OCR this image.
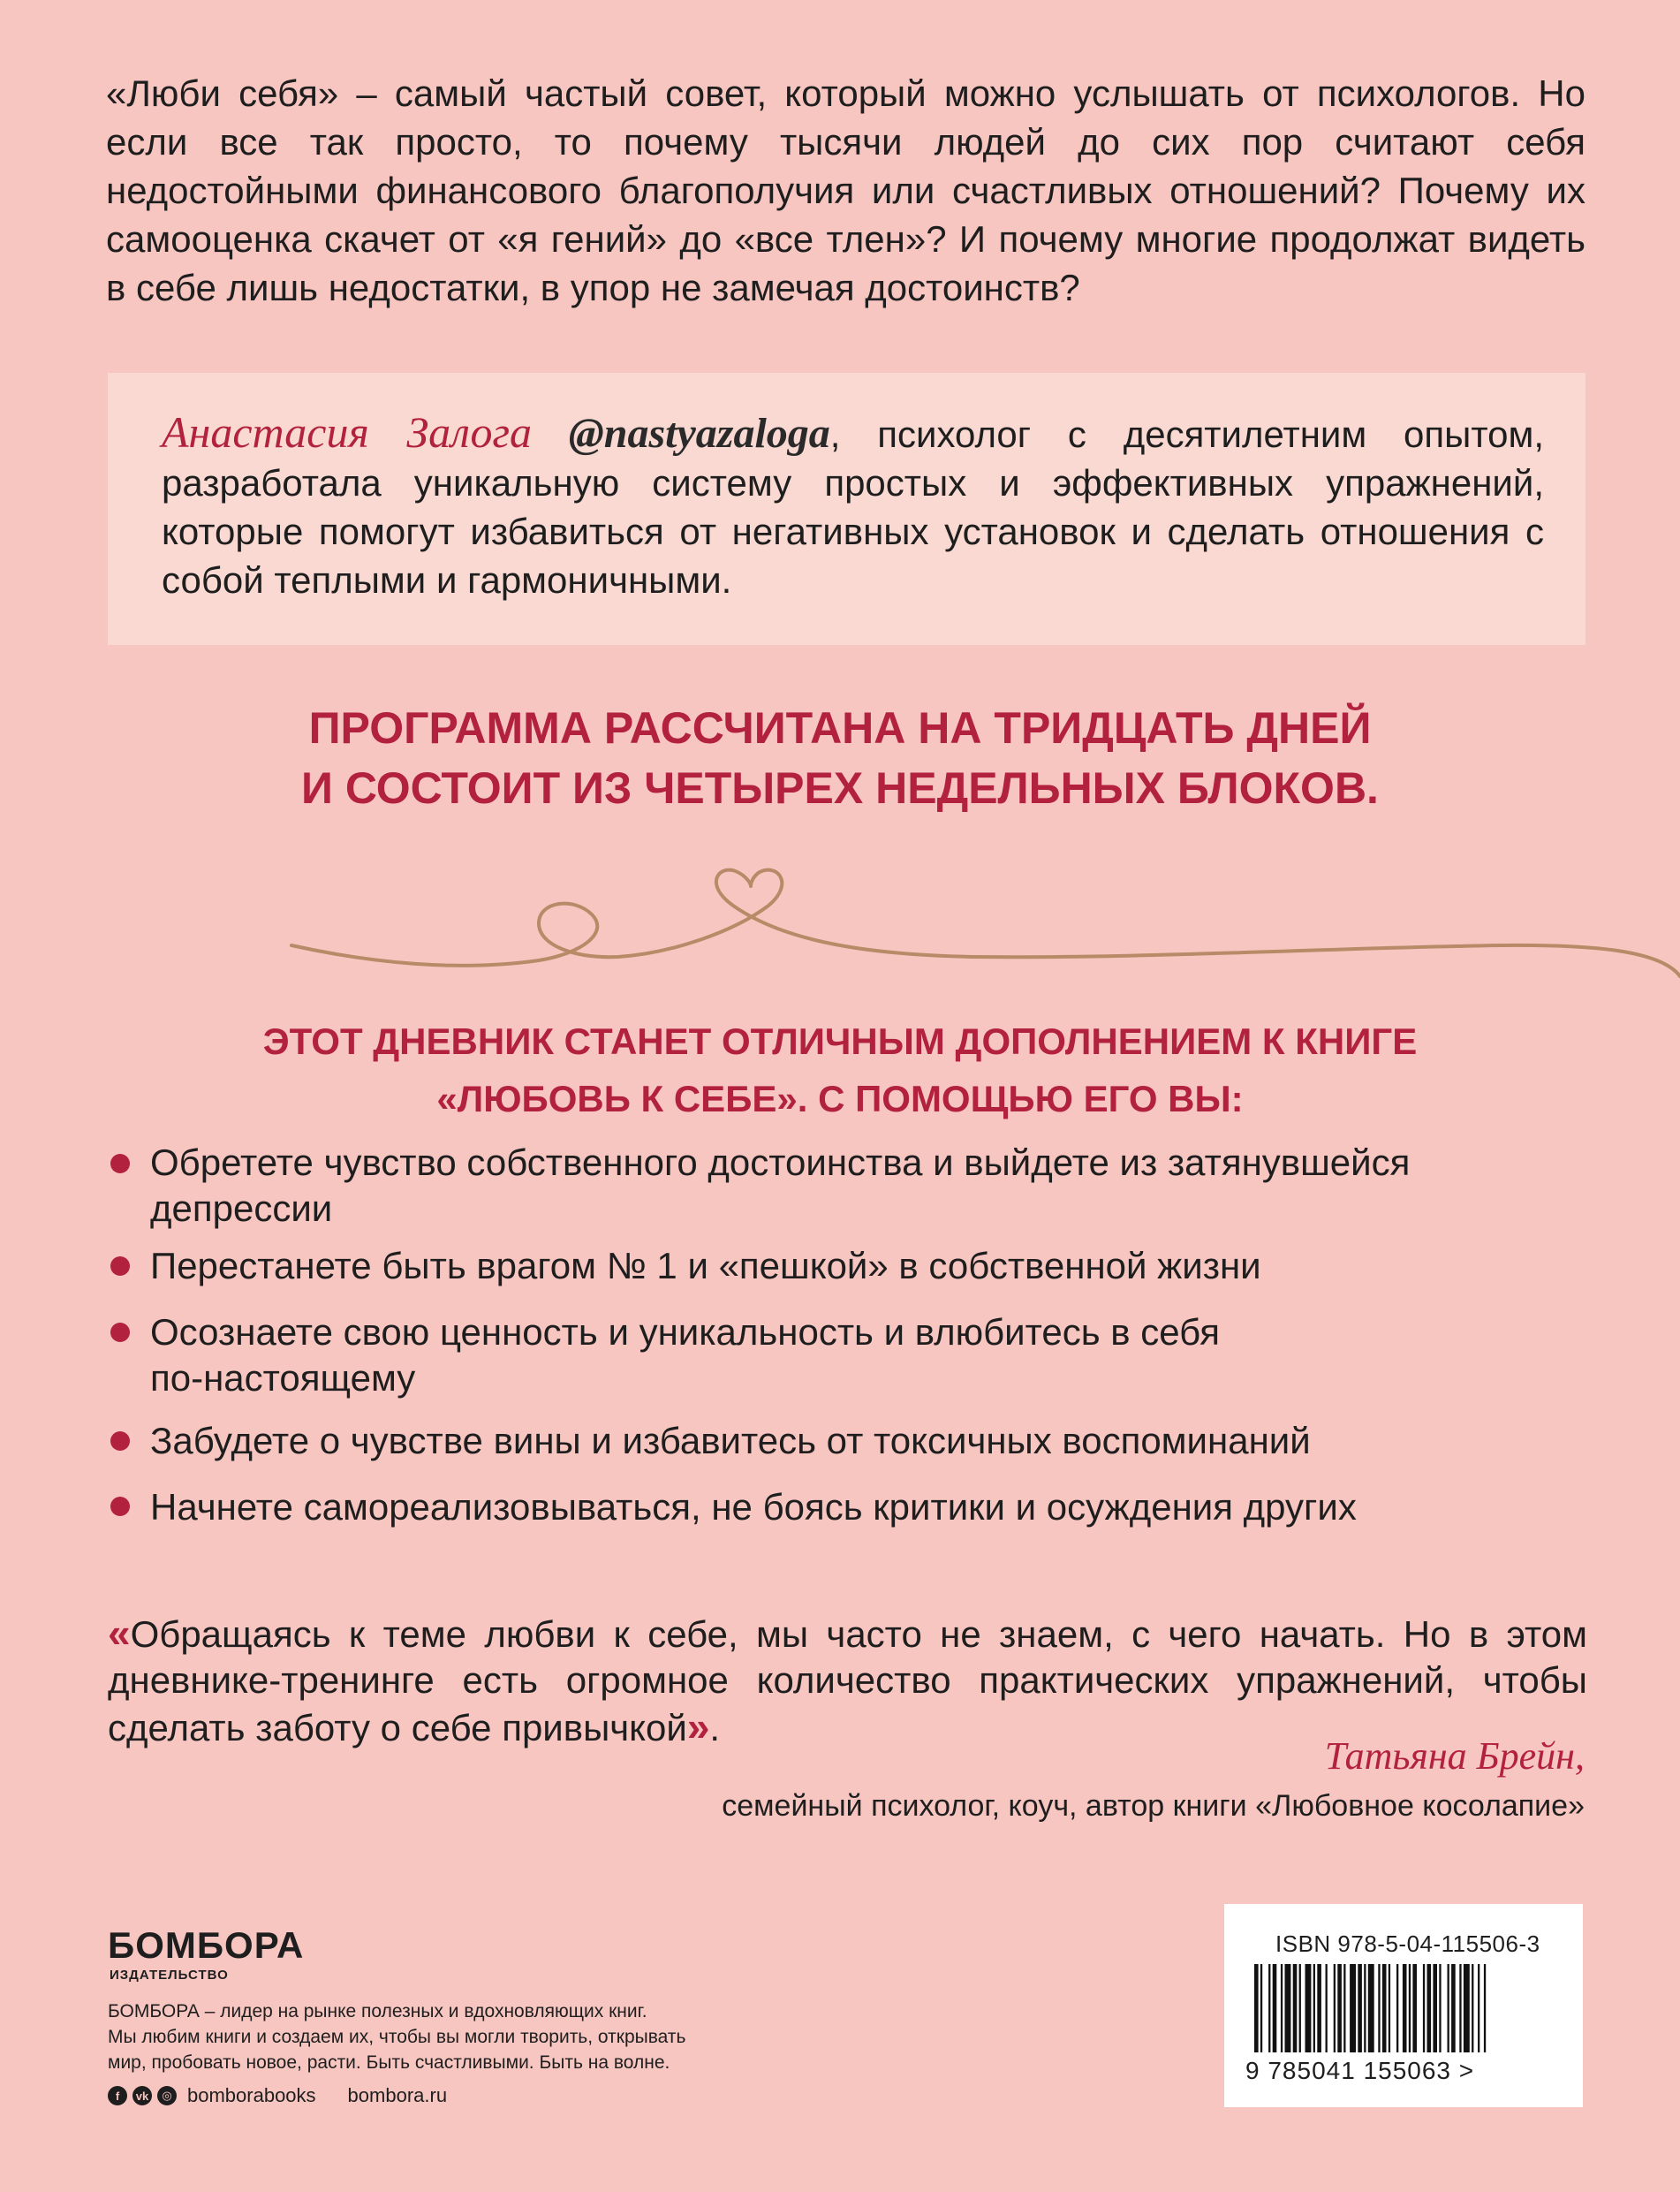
«Люби себя» – самый частый совет, который можно услышать от психологов. Но если все так просто, то почему тысячи людей до сих пор считают себя недостойными финансового благополучия или счастливых отношений? Почему их самооценка скачет от «я гений» до «все тлен»? И почему многие продолжат видеть в себе лишь недостатки, в упор не замечая достоинств?

Анастасия Залога @nastyazaloga, психолог с десятилетним опытом, разработала уникальную систему простых и эффективных упражнений, которые помогут избавиться от негативных установок и сделать отношения с собой теплыми и гармоничными.

ПРОГРАММА РАССЧИТАНА НА ТРИДЦАТЬ ДНЕЙ

И СОСТОИТ ИЗ ЧЕТЫРЕХ НЕДЕЛЬНЫХ БЛОКОВ.

ЭТОТ ДНЕВНИК СТАНЕТ ОТЛИЧНЫМ ДОПОЛНЕНИЕМ К КНИГЕ

«ЛЮБОВЬ К СЕБЕ». С ПОМОЩЬЮ ЕГО ВЫ:

Обретете чувство собственного достоинства и выйдете из затянувшейся
депрессии

Перестанете быть врагом № 1 и «пешкой» в собственной жизни

Осознаете свою ценность и уникальность и влюбитесь в себя
по-настоящему

Забудете о чувстве вины и избавитесь от токсичных воспоминаний

Начнете самореализовываться, не боясь критики и осуждения других

«Обращаясь к теме любви к себе, мы часто не знаем, с чего начать. Но в этом дневнике-тренинге есть огромное количество практических упражнений, чтобы сделать заботу о себе привычкой».

Татьяна Брейн,

семейный психолог, коуч, автор книги «Любовное косолапие»

БОМБОРА

ИЗДАТЕЛЬСТВО

БОМБОРА – лидер на рынке полезных и вдохновляющих книг.
Мы любим книги и создаем их, чтобы вы могли творить, открывать
мир, пробовать новое, расти. Быть счастливыми. Быть на волне.

f	vk	◎ bomborabooks bombora.ru

ISBN 978-5-04-115506-3

9 785041 155063 >
